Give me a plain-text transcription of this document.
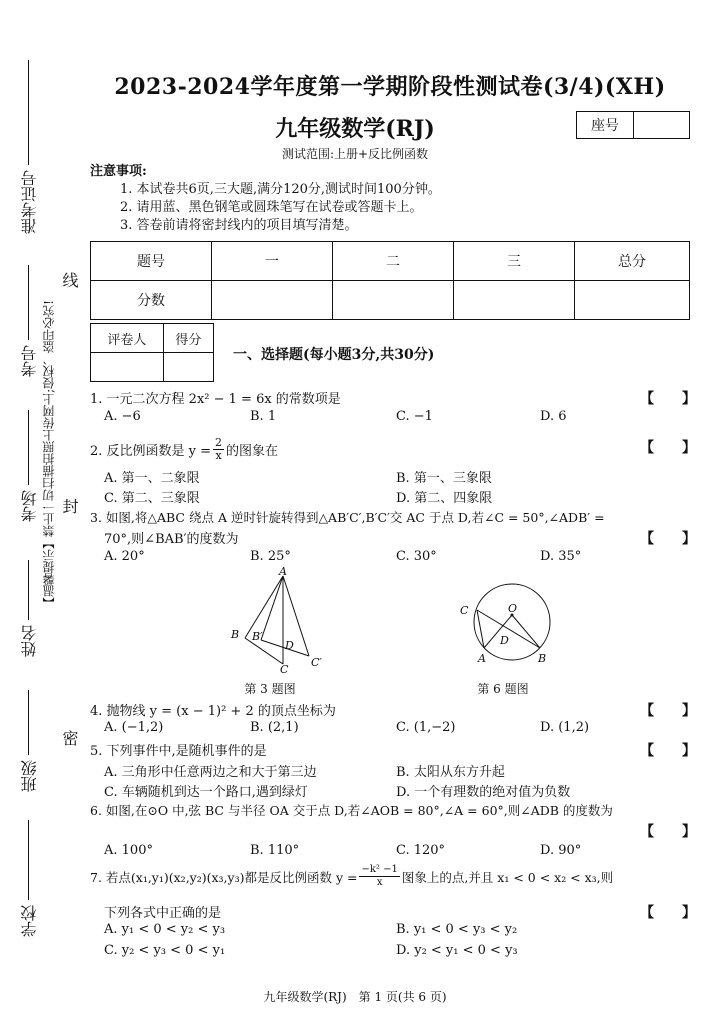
学校
班级
姓名
考场
考号
准考证号
【温馨提示】禁止一切扫描拍照上传网上;侵权、盗印必究!
密
封
线
2023-2024学年度第一学期阶段性测试卷(3/4)(XH)
九年级数学(RJ)	座号
测试范围:上册+反比例函数
注意事项:
1. 本试卷共6页,三大题,满分120分,测试时间100分钟。
2. 请用蓝、黑色钢笔或圆珠笔写在试卷或答题卡上。
3. 答卷前请将密封线内的项目填写清楚。
题号	一	二	三	总分
分数				
评卷人	得分

一、选择题(每小题3分,共30分)
1. 一元二次方程 2x² − 1 = 6x 的常数项是	【　　】
A. −6	B. 1	C. −1	D. 6
2. 反比例函数是 $y = \frac{2}{x}$ 的图象在	【　　】
A. 第一、二象限	B. 第一、三象限
C. 第二、三象限	D. 第二、四象限
3. 如图,将△ABC 绕点 A 逆时针旋转得到△AB′C′,B′C′交 AC 于点 D,若∠C = 50°,∠ADB′ =
70°,则∠BAB′的度数为	【　　】
A. 20°	B. 25°	C. 30°	D. 35°
A
B B′
D
C
C′
第 3 题图
C	O
D
A	B
第 6 题图
4. 抛物线 y = (x − 1)² + 2 的顶点坐标为	【　　】
A. (−1,2)	B. (2,1)	C. (1,−2)	D. (1,2)
5. 下列事件中,是随机事件的是	【　　】
A. 三角形中任意两边之和大于第三边	B. 太阳从东方升起
C. 车辆随机到达一个路口,遇到绿灯	D. 一个有理数的绝对值为负数
6. 如图,在⊙O 中,弦 BC 与半径 OA 交于点 D,若∠AOB = 80°,∠A = 60°,则∠ADB 的度数为
【　　】
A. 100°	B. 110°	C. 120°	D. 90°
7. 若点(x₁,y₁)(x₂,y₂)(x₃,y₃)都是反比例函数 $y = \frac{\text{−k² −1}}{x}$ 图象上的点,并且 x₁ < 0 < x₂ < x₃,则
下列各式中正确的是	【　　】
A. y₁ < 0 < y₂ < y₃	B. y₁ < 0 < y₃ < y₂
C. y₂ < y₃ < 0 < y₁	D. y₂ < y₁ < 0 < y₃
九年级数学(RJ)　第 1 页(共 6 页)
